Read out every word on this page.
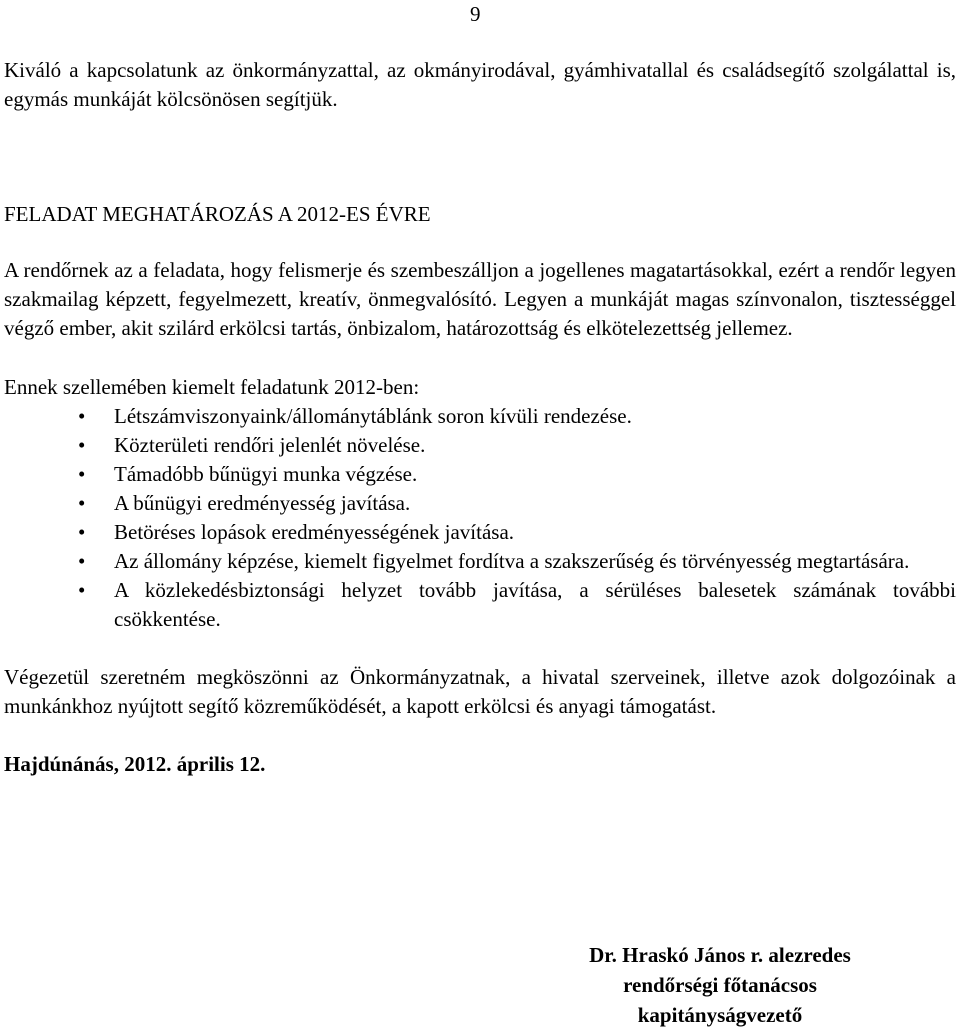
9

Kiváló a kapcsolatunk az önkormányzattal, az okmányirodával, gyámhivatallal és családsegítő szolgálattal is, egymás munkáját kölcsönösen segítjük.

FELADAT MEGHATÁROZÁS A 2012-ES ÉVRE

A rendőrnek az a feladata, hogy felismerje és szembeszálljon a jogellenes magatartásokkal, ezért a rendőr legyen szakmailag képzett, fegyelmezett, kreatív, önmegvalósító. Legyen a munkáját magas színvonalon, tisztességgel végző ember, akit szilárd erkölcsi tartás, önbizalom, határozottság és elkötelezettség jellemez.

Ennek szellemében kiemelt feladatunk 2012-ben:

• Létszámviszonyaink/állománytáblánk soron kívüli rendezése.
• Közterületi rendőri jelenlét növelése.
• Támadóbb bűnügyi munka végzése.
• A bűnügyi eredményesség javítása.
• Betöréses lopások eredményességének javítása.
• Az állomány képzése, kiemelt figyelmet fordítva a szakszerűség és törvényesség megtartására.
• A közlekedésbiztonsági helyzet tovább javítása, a sérüléses balesetek számának további csökkentése.

Végezetül szeretném megköszönni az Önkormányzatnak, a hivatal szerveinek, illetve azok dolgozóinak a munkánkhoz nyújtott segítő közreműködését, a kapott erkölcsi és anyagi támogatást.

Hajdúnánás, 2012. április 12.

Dr. Hraskó János r. alezredes
rendőrségi főtanácsos
kapitányságvezető
